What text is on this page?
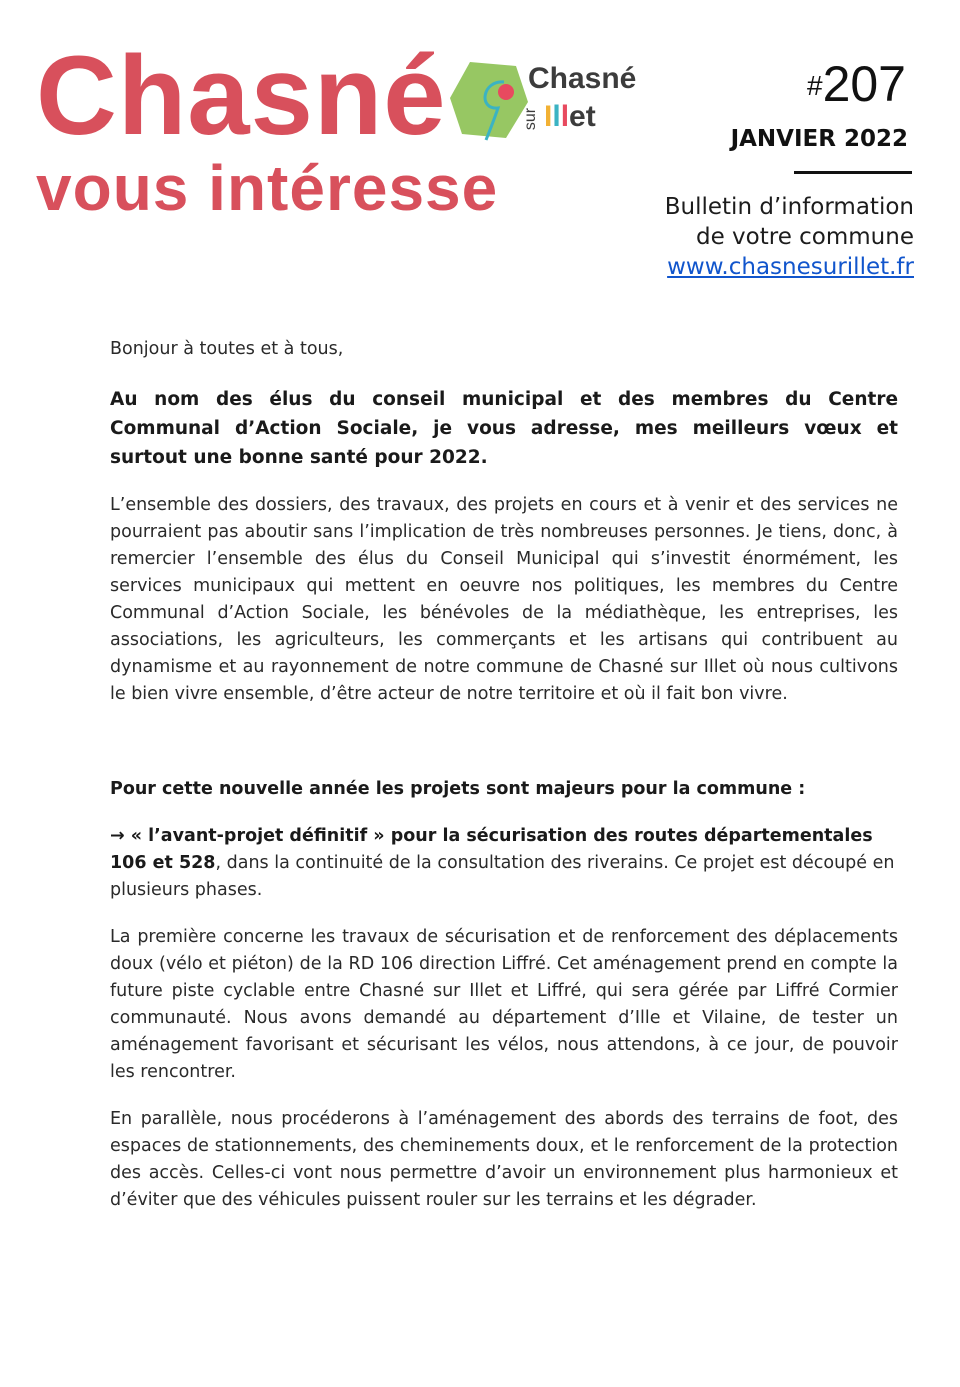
Chasné
vous intéresse
Chasné
sur Illet
#207
JANVIER 2022
Bulletin d’information
de votre commune
www.chasnesurillet.fr

Bonjour à toutes et à tous,

Au nom des élus du conseil municipal et des membres du Centre Communal d’Action Sociale, je vous adresse, mes meilleurs vœux et surtout une bonne santé pour 2022.

L’ensemble des dossiers, des travaux, des projets en cours et à venir et des services ne pourraient pas aboutir sans l’implication de très nombreuses personnes. Je tiens, donc, à remercier l’ensemble des élus du Conseil Municipal qui s’investit énormément, les services municipaux qui mettent en oeuvre nos politiques, les membres du Centre Communal d’Action Sociale, les bénévoles de la médiathèque, les entreprises, les associations, les agriculteurs, les commerçants et les artisans qui contribuent au dynamisme et au rayonnement de notre commune de Chasné sur Illet où nous cultivons le bien vivre ensemble, d’être acteur de notre territoire et où il fait bon vivre.

Pour cette nouvelle année les projets sont majeurs pour la commune :

→ « l’avant-projet définitif » pour la sécurisation des routes départementales 106 et 528, dans la continuité de la consultation des riverains. Ce projet est découpé en plusieurs phases.

La première concerne les travaux de sécurisation et de renforcement des déplacements doux (vélo et piéton) de la RD 106 direction Liffré. Cet aménagement prend en compte la future piste cyclable entre Chasné sur Illet et Liffré, qui sera gérée par Liffré Cormier communauté. Nous avons demandé au département d’Ille et Vilaine, de tester un aménagement favorisant et sécurisant les vélos, nous attendons, à ce jour, de pouvoir les rencontrer.

En parallèle, nous procéderons à l’aménagement des abords des terrains de foot, des espaces de stationnements, des cheminements doux, et le renforcement de la protection des accès. Celles-ci vont nous permettre d’avoir un environnement plus harmonieux et d’éviter que des véhicules puissent rouler sur les terrains et les dégrader.
